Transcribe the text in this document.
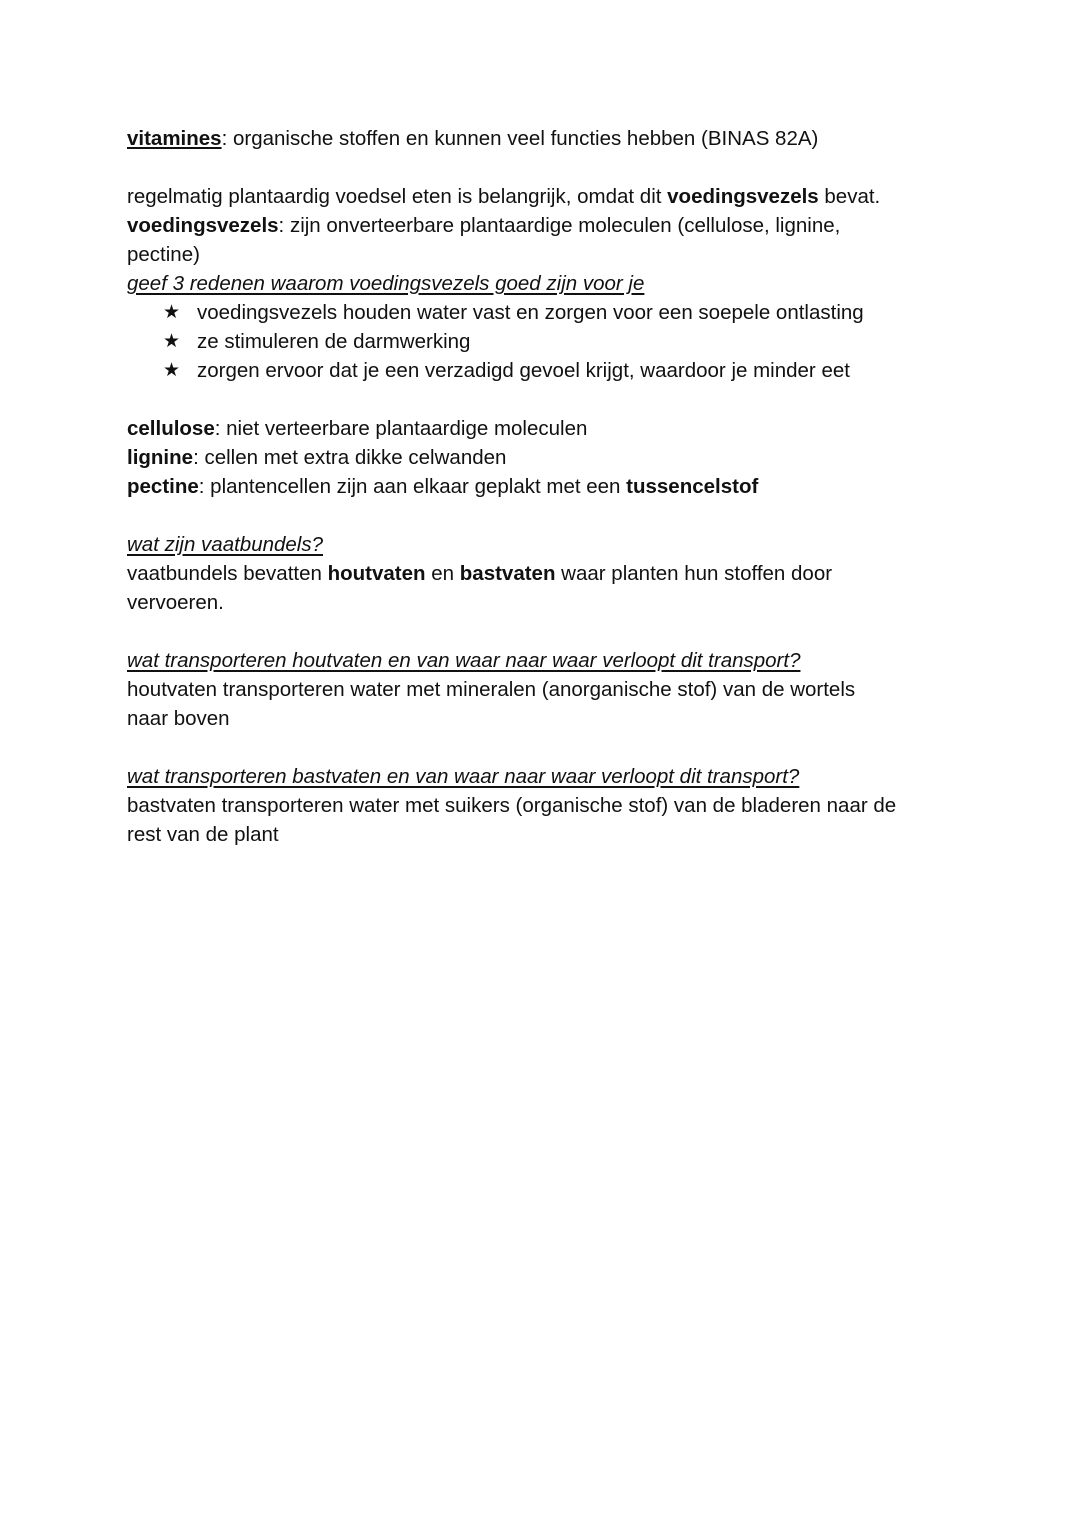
vitamines: organische stoffen en kunnen veel functies hebben (BINAS 82A)

regelmatig plantaardig voedsel eten is belangrijk, omdat dit voedingsvezels bevat.
voedingsvezels: zijn onverteerbare plantaardige moleculen (cellulose, lignine,
pectine)
geef 3 redenen waarom voedingsvezels goed zijn voor je
★ voedingsvezels houden water vast en zorgen voor een soepele ontlasting
★ ze stimuleren de darmwerking
★ zorgen ervoor dat je een verzadigd gevoel krijgt, waardoor je minder eet

cellulose: niet verteerbare plantaardige moleculen
lignine: cellen met extra dikke celwanden
pectine: plantencellen zijn aan elkaar geplakt met een tussencelstof

wat zijn vaatbundels?
vaatbundels bevatten houtvaten en bastvaten waar planten hun stoffen door
vervoeren.

wat transporteren houtvaten en van waar naar waar verloopt dit transport?
houtvaten transporteren water met mineralen (anorganische stof) van de wortels
naar boven

wat transporteren bastvaten en van waar naar waar verloopt dit transport?
bastvaten transporteren water met suikers (organische stof) van de bladeren naar de
rest van de plant
